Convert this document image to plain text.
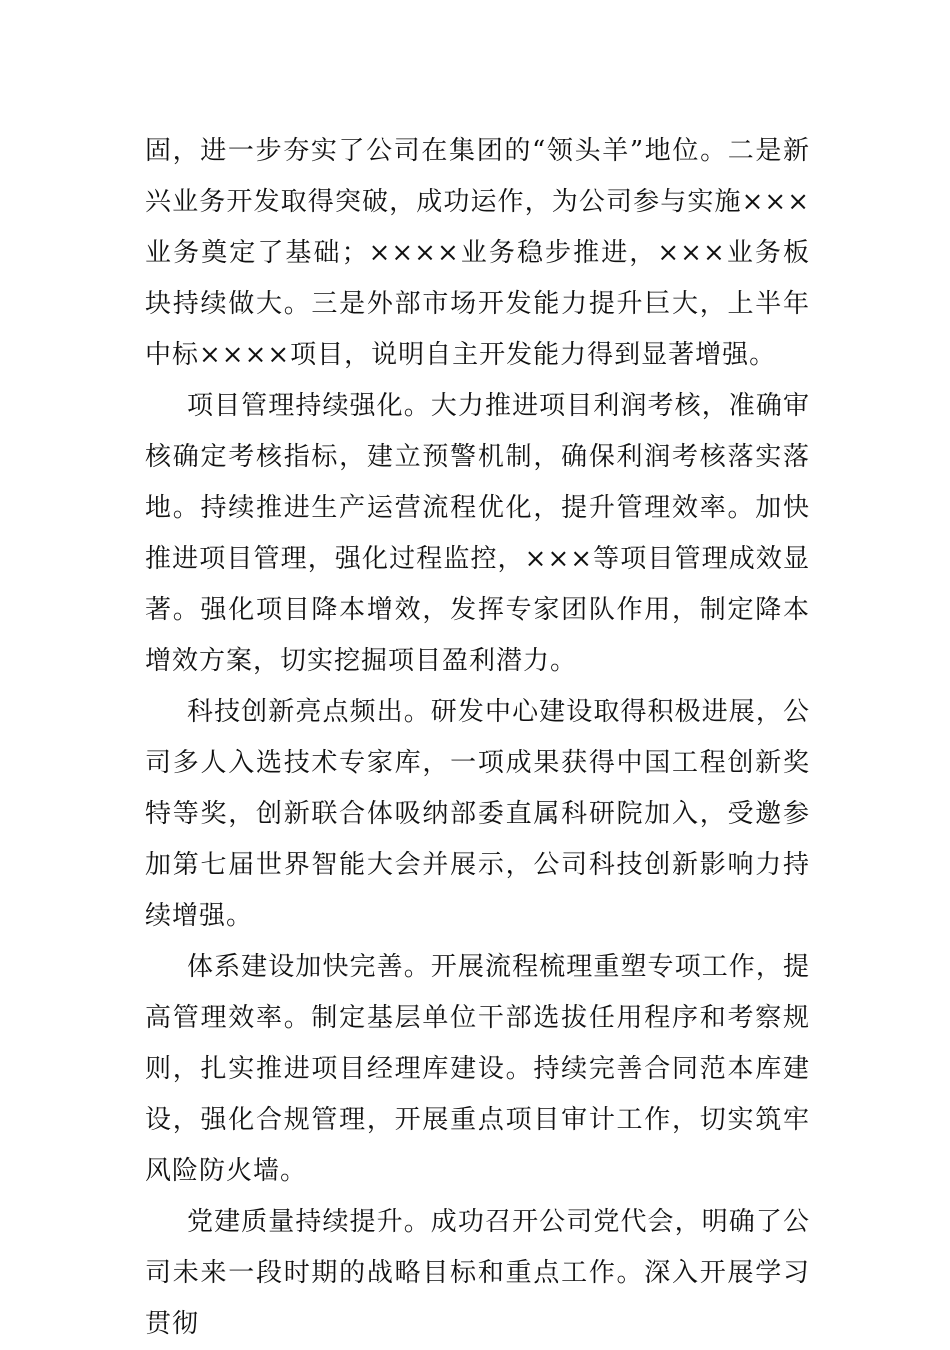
固，进一步夯实了公司在集团的“领头羊”地位。二是新兴业务开发取得突破，成功运作，为公司参与实施×××业务奠定了基础；××××业务稳步推进，×××业务板块持续做大。三是外部市场开发能力提升巨大，上半年中标××××项目，说明自主开发能力得到显著增强。

项目管理持续强化。大力推进项目利润考核，准确审核确定考核指标，建立预警机制，确保利润考核落实落地。持续推进生产运营流程优化，提升管理效率。加快推进项目管理，强化过程监控，×××等项目管理成效显著。强化项目降本增效，发挥专家团队作用，制定降本增效方案，切实挖掘项目盈利潜力。

科技创新亮点频出。研发中心建设取得积极进展，公司多人入选技术专家库，一项成果获得中国工程创新奖特等奖，创新联合体吸纳部委直属科研院加入，受邀参加第七届世界智能大会并展示，公司科技创新影响力持续增强。

体系建设加快完善。开展流程梳理重塑专项工作，提高管理效率。制定基层单位干部选拔任用程序和考察规则，扎实推进项目经理库建设。持续完善合同范本库建设，强化合规管理，开展重点项目审计工作，切实筑牢风险防火墙。

党建质量持续提升。成功召开公司党代会，明确了公司未来一段时期的战略目标和重点工作。深入开展学习贯彻
